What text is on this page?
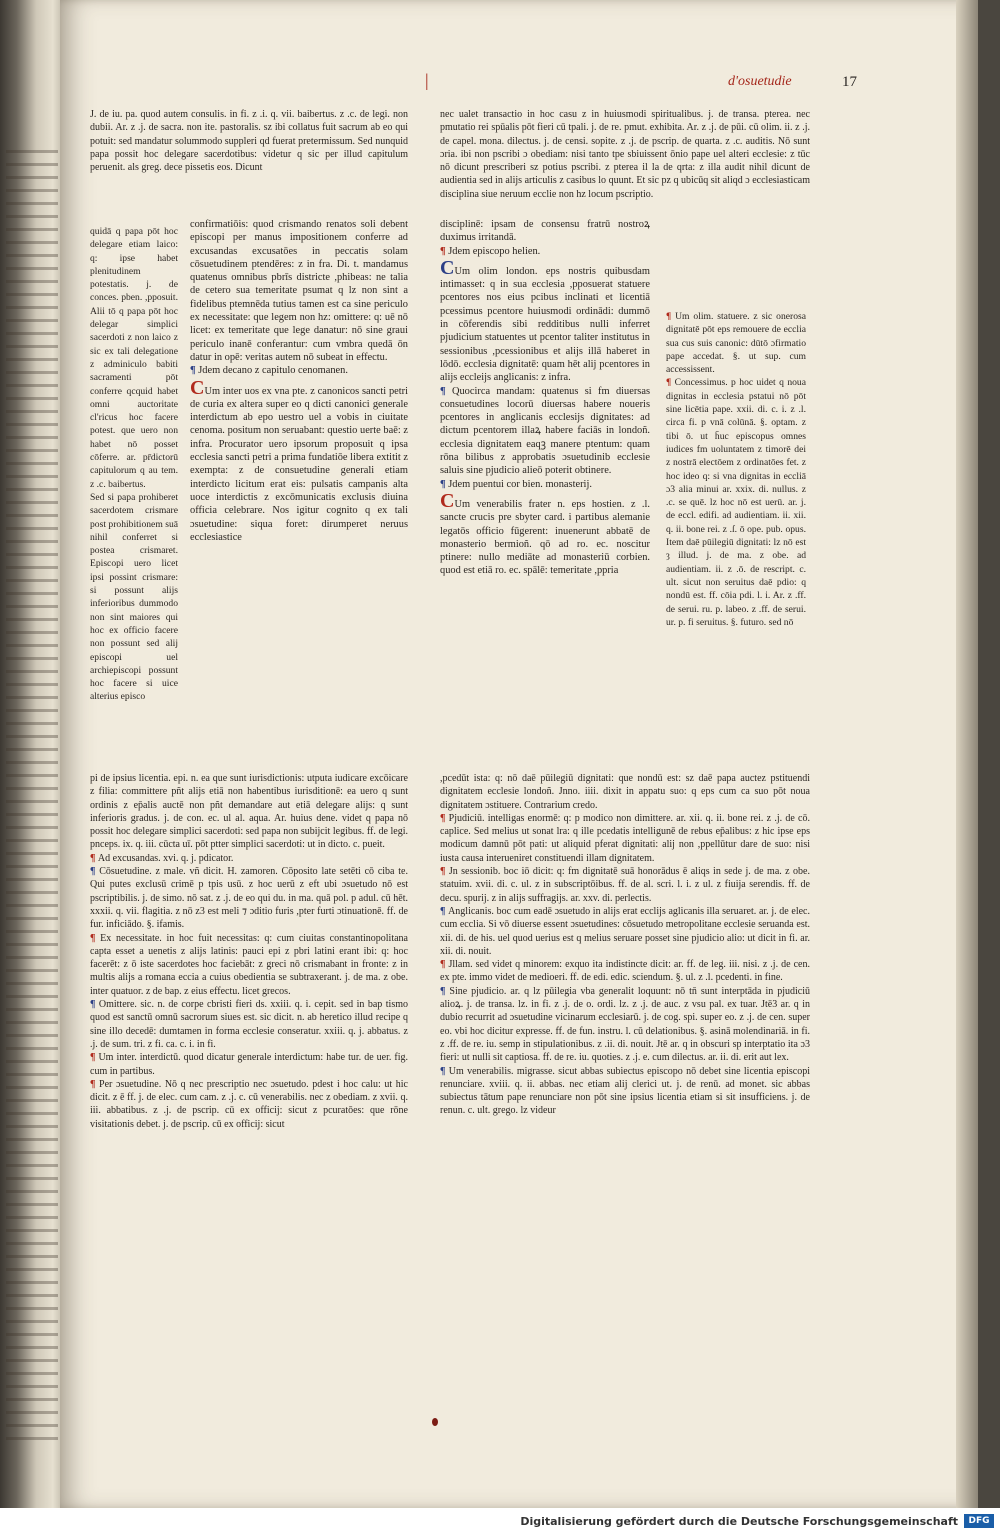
|	d'osuetudie	17

J. de iu. pa. quod autem consulis. in fi. z .i. q. vii. baibertus. z .c. de legi. non dubii. Ar. z .j. de sacra. non ite. pastoralis. sz ibi collatus fuit sacrum ab eo qui potuit: sed mandatur solummodo suppleri qd fuerat pretermissum. Sed nunquid papa possit hoc delegare sacerdotibus: videtur q sic per illud capitulum peruenit. als greg. dece pissetis eos. Dicunt

quidā q papa pōt hoc delegare etiam laico: q: ipse habet plenitudinem potestatis. j. de conces. pben. ,pposuit. Alii tō q papa pōt hoc delegar simplici sacerdoti z non laico z sic ex tali delegatione z adminiculo babiti sacramenti pōt conferre qcquid habet omni auctoritate cl'ricus hoc facere potest. que uero non habet nō posset cōferre. ar. pr̄dictorū capitulorum q au tem. z .c. baibertus.

Sed si papa prohiberet sacerdotem crismare post prohibitionem suā nihil conferret si postea crismaret. Episcopi uero licet ipsi possint crismare: si possunt alijs inferioribus dummodo non sint maiores qui hoc ex officio facere non possunt sed alij episcopi uel archiepiscopi possunt hoc facere si uice alterius episco

pi de ipsius licentia. epi. n. ea que sunt iurisdictionis: utputa iudicare excōicare z filia: committere pñt alijs etiā non habentibus iurisditionē: ea uero q sunt ordinis z ep̄alis auctē non pñt demandare aut etiā delegare alijs: q sunt inferioris gradus. j. de con. ec. ul al. aqua. Ar. huius dene. videt q papa nō possit hoc delegare simplici sacerdoti: sed papa non subijcit legibus. ff. de legi. pnceps. ix. q. iii. cūcta uī. pōt ptter simplici sacerdoti: ut in dicto. c. pueit.

¶ Ad excusandas. xvi. q. j. pdicator.

¶ Cōsuetudine. z male. vñ dicit. H. zamoren. Cōposito late setēti cō ciba te. Qui putes exclusū crimē p tpis usū. z hoc uerū z eft ubi ɔsuetudo nō est pscriptibilis. j. de simo. nō sat. z .j. de eo qui du. in ma. quā pol. p adul. cū hēt. xxxii. q. vii. flagitia. z nō z3 est meli ⁊ ɔditio furis ,pter furti ɔtinuationē. ff. de fur. inficiādo. §. ifamis.

¶ Ex necessitate. in hoc fuit necessitas: q: cum ciuitas constantinopolitana capta esset a uenetis z alijs latinis: pauci epi z pbri latini erant ibi: q: hoc facerēt: z ō iste sacerdotes hoc faciebāt: z greci nō crismabant in fronte: z in multis alijs a romana eccia a cuius obedientia se subtraxerant. j. de ma. z obe. inter quatuor. z de bap. z eius effectu. licet grecos.

¶ Omittere. sic. n. de corpe cbristi fieri ds. xxiii. q. i. cepit. sed in bap tismo quod est sanctū omnū sacrorum siues est. sic dicit. n. ab heretico illud recipe q sine illo decedē: dumtamen in forma ecclesie conseratur. xxiii. q. j. abbatus. z .j. de sum. tri. z fi. ca. c. i. in fi.

¶ Um inter. interdictū. quod dicatur generale interdictum: habe tur. de uer. fig. cum in partibus.

¶ Per ɔsuetudine. Nō q nec prescriptio nec ɔsuetudo. pdest i hoc calu: ut hic dicit. z ē ff. j. de elec. cum cam. z .j. c. cū venerabilis. nec z obediam. z xvii. q. iii. abbatibus. z .j. de pscrip. cū ex officij: sicut z pcuratōes: que rōne visitationis debet. j. de pscrip. cū ex officij: sicut

confirmatiōis: quod crismando renatos soli debent episcopi per manus impositionem conferre ad excusandas excusatōes in peccatis solam cōsuetudinem ptendēres: z in fra. Di. t. mandamus quatenus omnibus pbrīs districte ,phibeas: ne talia de cetero sua temeritate psumat q lz non sint a fidelibus ptemnēda tutius tamen est ca sine periculo ex necessitate: que legem non hz: omittere: q: uē nō licet: ex temeritate que lege danatur: nō sine graui periculo inanē conferantur: cum vmbra quedā ōn datur in opē: veritas autem nō subeat in effectu.

¶ Jdem decano z capitulo cenomanen.

CUm inter uos ex vna pte. z canonicos sancti petri de curia ex altera super eo q dicti canonici generale interdictum ab epo uestro uel a vobis in ciuitate cenoma. positum non seruabant: questio uerte baē: z infra. Procurator uero ipsorum proposuit q ipsa ecclesia sancti petri a prima fundatiōe libera extitit z exempta: z de consuetudine generali etiam interdicto licitum erat eis: pulsatis campanis alta uoce interdictis z excōmunicatis exclusis diuina officia celebrare. Nos igitur cognito q ex tali ɔsuetudine: siqua foret: dirumperet neruus ecclesiastice

nec ualet transactio in hoc casu z in huiusmodi spiritualibus. j. de transa. pterea. nec pmutatio rei spūalis pōt fieri cū tpali. j. de re. pmut. exhibita. Ar. z .j. de pūi. cū olim. ii. z .j. de capel. mona. dilectus. j. de censi. sopite. z .j. de pscrip. de quarta. z .c. auditis. Nō sunt ɔria. ibi non pscribi ɔ obediam: nisi tanto tpe sbiuissent ōnio pape uel alteri ecclesie: z tūc nō dicunt prescriberi sz potius pscribi. z pterea il la de qrta: z illa audit nihil dicunt de audientia sed in alijs articulis z casibus lo quunt. Et sic pz q ubicūq sit aliqd ɔ ecclesiasticam disciplina siue neruum ecclie non hz locum pscriptio.

disciplinē: ipsam de consensu fratrū nostroꝝ duximus irritandā.

¶ Jdem episcopo helien.

CUm olim london. eps nostris quibusdam intimasset: q in sua ecclesia ,pposuerat statuere pcentores nos eius pcibus inclinati et licentiā pcessimus pcentore huiusmodi ordinādi: dummō in cōferendis sibi redditibus nulli inferret pjudicium statuentes ut pcentor taliter institutus in sessionibus ,pcessionibus et alijs illā haberet in lōdō. ecclesia dignitatē: quam hēt alij pcentores in alijs eccleijs anglicanis: z infra.

¶ Quocirca mandam: quatenus si fm diuersas consuetudines locorū diuersas habere noueris pcentores in anglicanis ecclesijs dignitates: ad dictum pcentorem illaꝝ habere faciās in londoñ. ecclesia dignitatem eaqꝫ manere ptentum: quam rōna bilibus z approbatis ɔsuetudinib ecclesie saluis sine pjudicio alieō poterit obtinere.

¶ Jdem puentui cor bien. monasterij.

CUm venerabilis frater n. eps hostien. z .l. sancte crucis pre sbyter card. i partibus alemanie legatōs officio fūgerent: inuenerunt abbatē de monasterio bermioñ. qō ad ro. ec. noscitur ptinere: nullo mediāte ad monasteriū corbien. quod est etiā ro. ec. spālē: temeritate ,ppria

¶ Um olim. statuere. z sic onerosa dignitatē pōt eps remouere de ecclia sua cus suis canonic: dūtō ɔfirmatio pape accedat. §. ut sup. cum accessissent.

¶ Concessimus. p hoc uidet q noua dignitas in ecclesia pstatui nō pōt sine licētia pape. xxii. di. c. i. z .l. circa fi. p vnā colūnā. §. optam. z tibi ō. ut h̄uc episcopus omnes iudices fm uoluntatem z timorē dei z nostrā electōem z ordinatōes fet. z hoc ideo q: si vna dignitas in eccliā ɔ3 alia minui ar. xxix. di. nullus. z .c. se quē. lz hoc nō est uerū. ar. j. de eccl. edifi. ad audientiam. ii. xii. q. ii. bone rei. z .ſ. ō ope. pub. opus. Item daē pūilegiū dignitati: lz nō est ȝ illud. j. de ma. z obe. ad audientiam. ii. z .ō. de rescript. c. ult. sicut non seruitus daē pdio: q nondū est. ff. cōia pdi. l. i. Ar. z .ff. de serui. ru. p. labeo. z .ff. de serui. ur. p. fi seruitus. §. futuro. sed nō

,pcedūt ista: q: nō daē pūilegiū dignitati: que nondū est: sz daē papa auctez pstituendi dignitatem ecclesie londoñ. Jnno. iiii. dixit in appatu suo: q eps cum ca suo pōt noua dignitatem ɔstituere. Contrarium credo.

¶ Pjudiciū. intelligas enormē: q: p modico non dimittere. ar. xii. q. ii. bone rei. z .j. de cō. caplice. Sed melius ut sonat lra: q ille pcedatis intelligunē de rebus ep̄alibus: z hic ipse eps modicum damnū pōt pati: ut aliquid pferat dignitati: alij non ,ppellūtur dare de suo: nisi iusta causa interueniret constituendi illam dignitatem.

¶ Jn sessionib. boc iō dicit: q: fm dignitatē suā honorādus ē aliqs in sede j. de ma. z obe. statuim. xvii. di. c. ul. z in subscriptōibus. ff. de al. scri. l. i. z ul. z fiuija serendis. ff. de decu. spurij. z in alijs suffragijs. ar. xxv. di. perlectis.

¶ Anglicanis. boc cum eadē ɔsuetudo in alijs erat ecclijs aglicanis illa seruaret. ar. j. de elec. cum ecclia. Si vō diuerse essent ɔsuetudines: cōsuetudo metropolitane ecclesie seruanda est. xii. di. de his. uel quod uerius est q melius seruare posset sine pjudicio alio: ut dicit in fi. ar. xii. di. nouit.

¶ Jllam. sed videt q minorem: exquo ita indistincte dicit: ar. ff. de leg. iii. nisi. z .j. de cen. ex pte. immo videt de medioeri. ff. de edi. edic. sciendum. §. ul. z .l. pcedenti. in fine.

¶ Sine pjudicio. ar. q lz pūilegia vba generalit loquunt: nō tn̄ sunt interptāda in pjudiciū alioꝝ. j. de transa. lz. in fi. z .j. de o. ordi. lz. z .j. de auc. z vsu pal. ex tuar. Jtē3 ar. q in dubio recurrit ad ɔsuetudine vicinarum ecclesiarū. j. de cog. spi. super eo. z .j. de cen. super eo. vbi hoc dicitur expresse. ff. de fun. instru. l. cū delationibus. §. asinā molendinariā. in fi. z .ff. de re. iu. semp in stipulationibus. z .ii. di. nouit. Jtē ar. q in obscuri sp interptatio ita ɔ3 fieri: ut nulli sit captiosa. ff. de re. iu. quoties. z .j. e. cum dilectus. ar. ii. di. erit aut lex.

¶ Um venerabilis. migrasse. sicut abbas subiectus episcopo nō debet sine licentia episcopi renunciare. xviii. q. ii. abbas. nec etiam alij clerici ut. j. de renū. ad monet. sic abbas subiectus tātum pape renunciare non pōt sine ipsius licentia etiam si sit insufficiens. j. de renun. c. ult. grego. lz videur

Digitalisierung gefördert durch die Deutsche Forschungsgemeinschaft	DFG
